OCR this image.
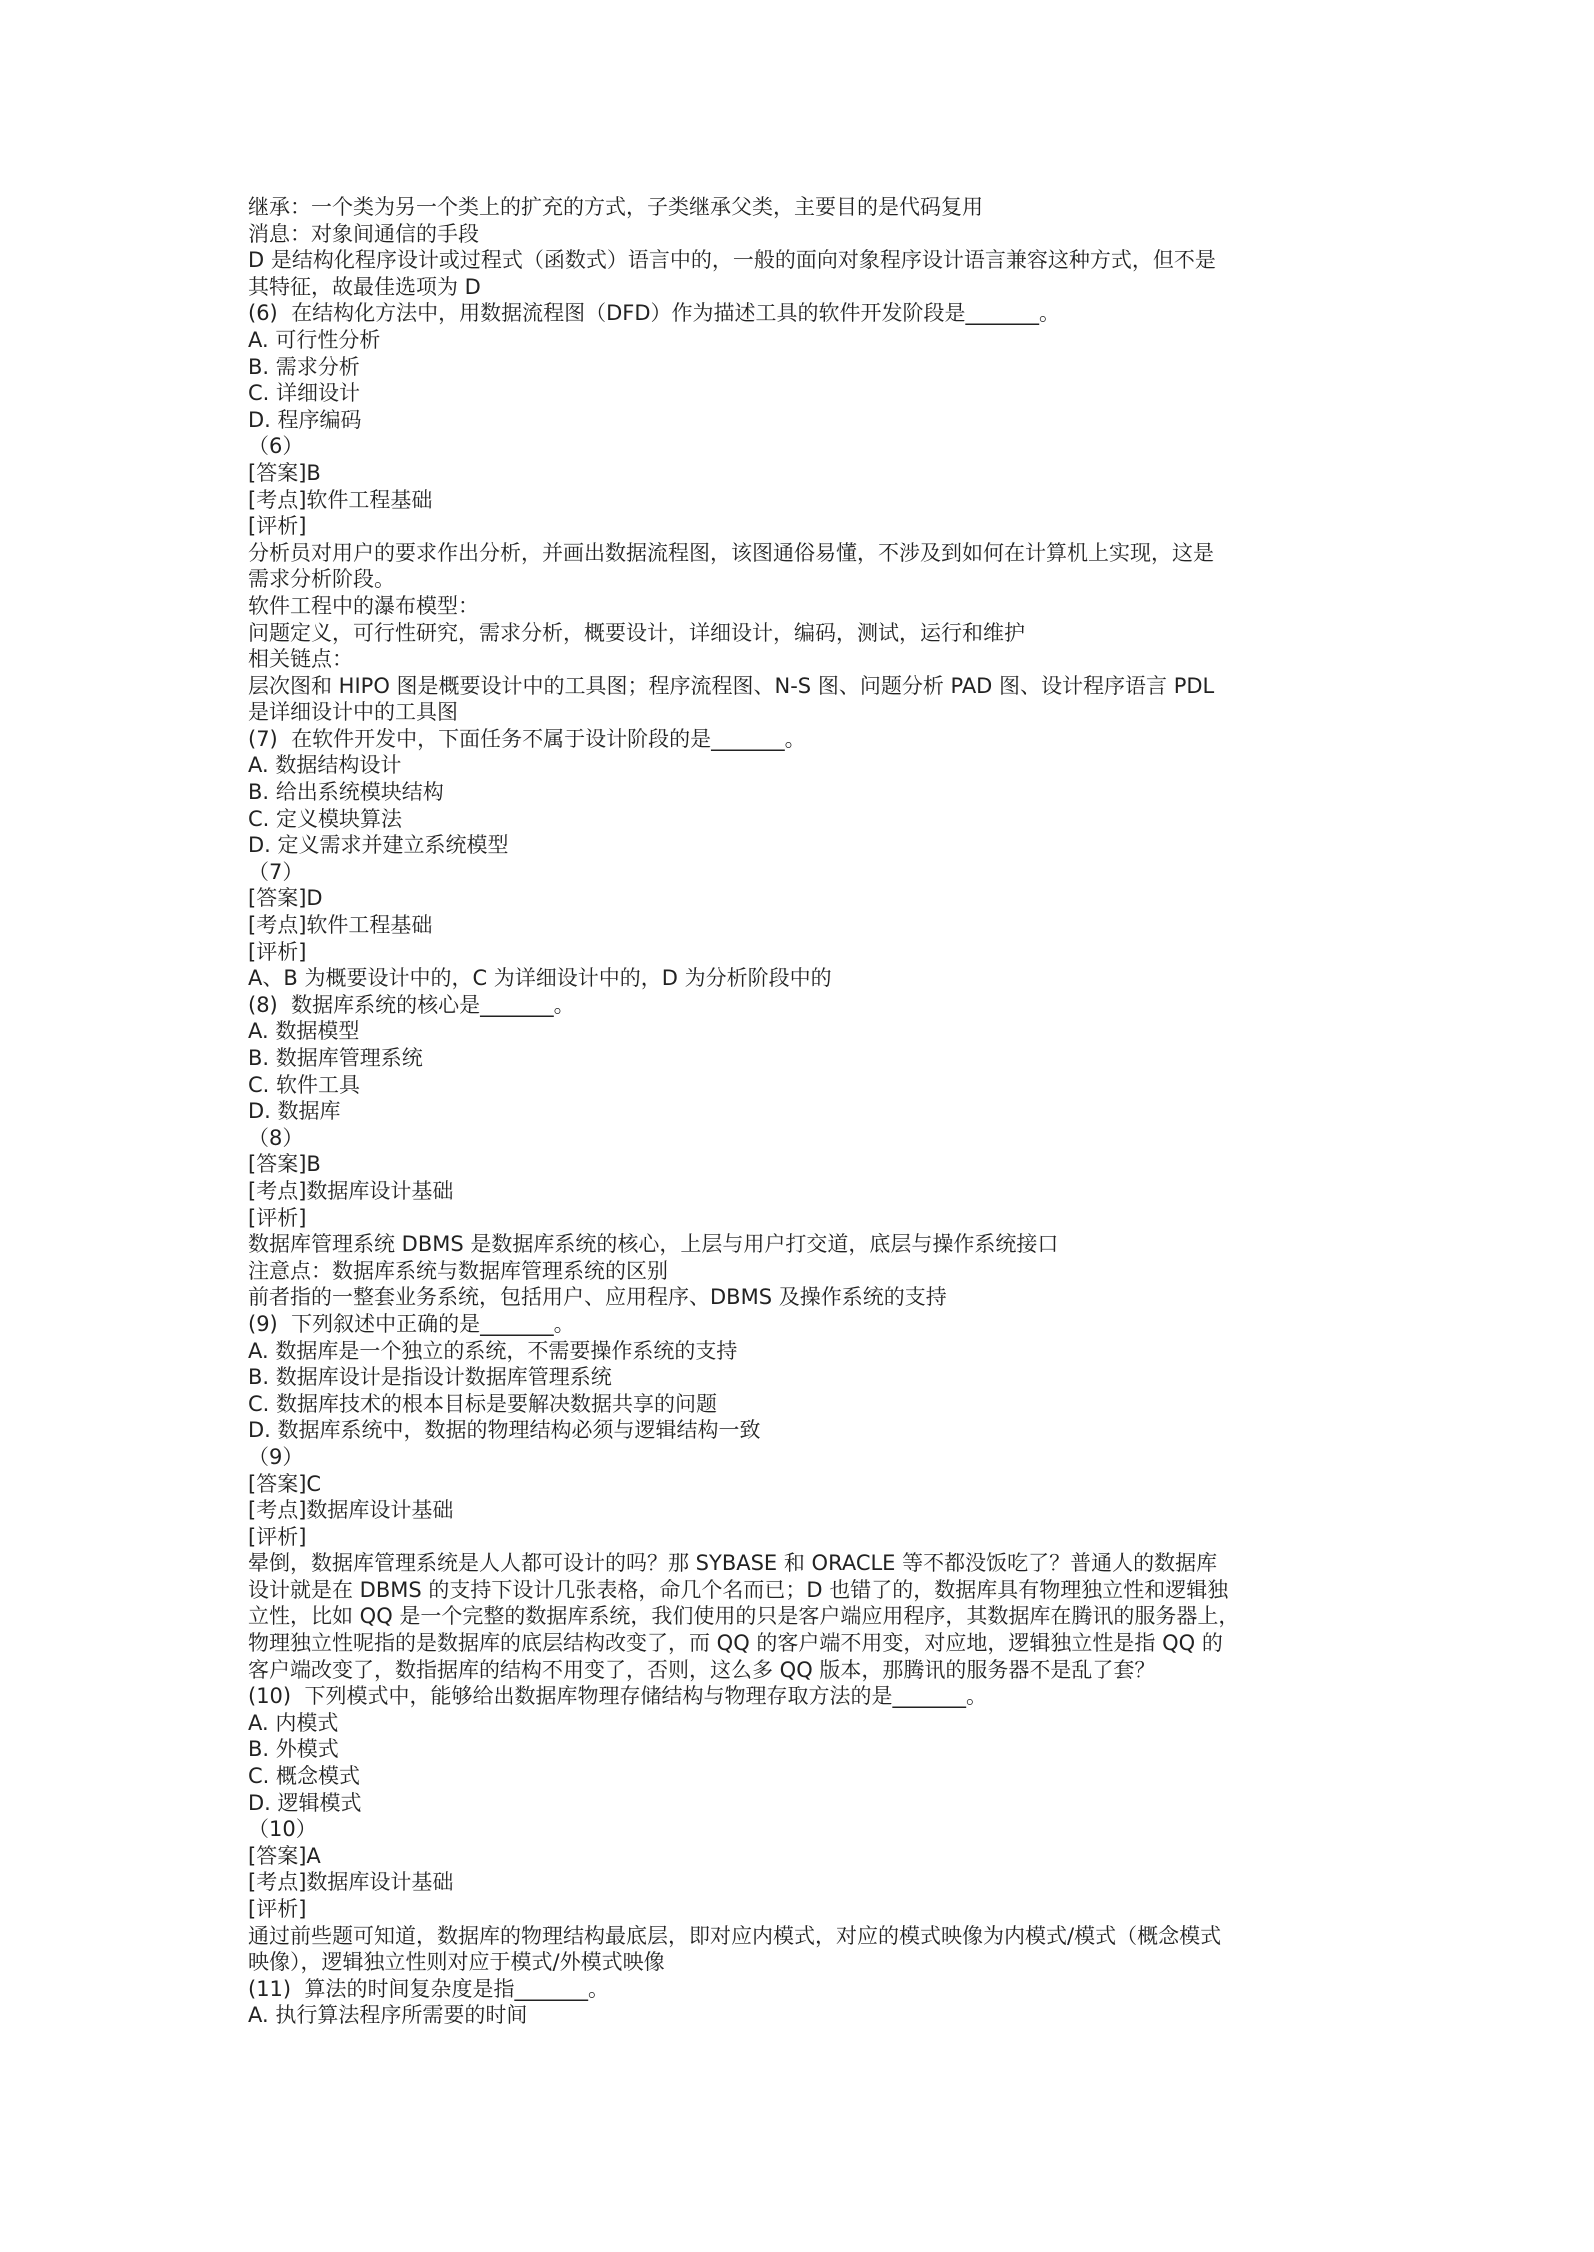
继承：一个类为另一个类上的扩充的方式，子类继承父类，主要目的是代码复用
消息：对象间通信的手段
D 是结构化程序设计或过程式（函数式）语言中的，一般的面向对象程序设计语言兼容这种方式，但不是
其特征，故最佳选项为 D
(6)  在结构化方法中，用数据流程图（DFD）作为描述工具的软件开发阶段是_______。
A. 可行性分析
B. 需求分析
C. 详细设计
D. 程序编码
（6）
[答案]B
[考点]软件工程基础
[评析]
分析员对用户的要求作出分析，并画出数据流程图，该图通俗易懂，不涉及到如何在计算机上实现，这是
需求分析阶段。
软件工程中的瀑布模型：
问题定义，可行性研究，需求分析，概要设计，详细设计，编码，测试，运行和维护
相关链点：
层次图和 HIPO 图是概要设计中的工具图；程序流程图、N-S 图、问题分析 PAD 图、设计程序语言 PDL
是详细设计中的工具图
(7)  在软件开发中，下面任务不属于设计阶段的是_______。
A. 数据结构设计
B. 给出系统模块结构
C. 定义模块算法
D. 定义需求并建立系统模型
（7）
[答案]D
[考点]软件工程基础
[评析]
A、B 为概要设计中的，C 为详细设计中的，D 为分析阶段中的
(8)  数据库系统的核心是_______。
A. 数据模型
B. 数据库管理系统
C. 软件工具
D. 数据库
（8）
[答案]B
[考点]数据库设计基础
[评析]
数据库管理系统 DBMS 是数据库系统的核心，上层与用户打交道，底层与操作系统接口
注意点：数据库系统与数据库管理系统的区别
前者指的一整套业务系统，包括用户、应用程序、DBMS 及操作系统的支持
(9)  下列叙述中正确的是_______。
A. 数据库是一个独立的系统，不需要操作系统的支持
B. 数据库设计是指设计数据库管理系统
C. 数据库技术的根本目标是要解决数据共享的问题
D. 数据库系统中，数据的物理结构必须与逻辑结构一致
（9）
[答案]C
[考点]数据库设计基础
[评析]
晕倒，数据库管理系统是人人都可设计的吗？那 SYBASE 和 ORACLE 等不都没饭吃了？普通人的数据库
设计就是在 DBMS 的支持下设计几张表格，命几个名而已；D 也错了的，数据库具有物理独立性和逻辑独
立性，比如 QQ 是一个完整的数据库系统，我们使用的只是客户端应用程序，其数据库在腾讯的服务器上，
物理独立性呢指的是数据库的底层结构改变了，而 QQ 的客户端不用变，对应地，逻辑独立性是指 QQ 的
客户端改变了，数指据库的结构不用变了，否则，这么多 QQ 版本，那腾讯的服务器不是乱了套？
(10)  下列模式中，能够给出数据库物理存储结构与物理存取方法的是_______。
A. 内模式
B. 外模式
C. 概念模式
D. 逻辑模式
（10）
[答案]A
[考点]数据库设计基础
[评析]
通过前些题可知道，数据库的物理结构最底层，即对应内模式，对应的模式映像为内模式/模式（概念模式
映像），逻辑独立性则对应于模式/外模式映像
(11)  算法的时间复杂度是指_______。
A. 执行算法程序所需要的时间
